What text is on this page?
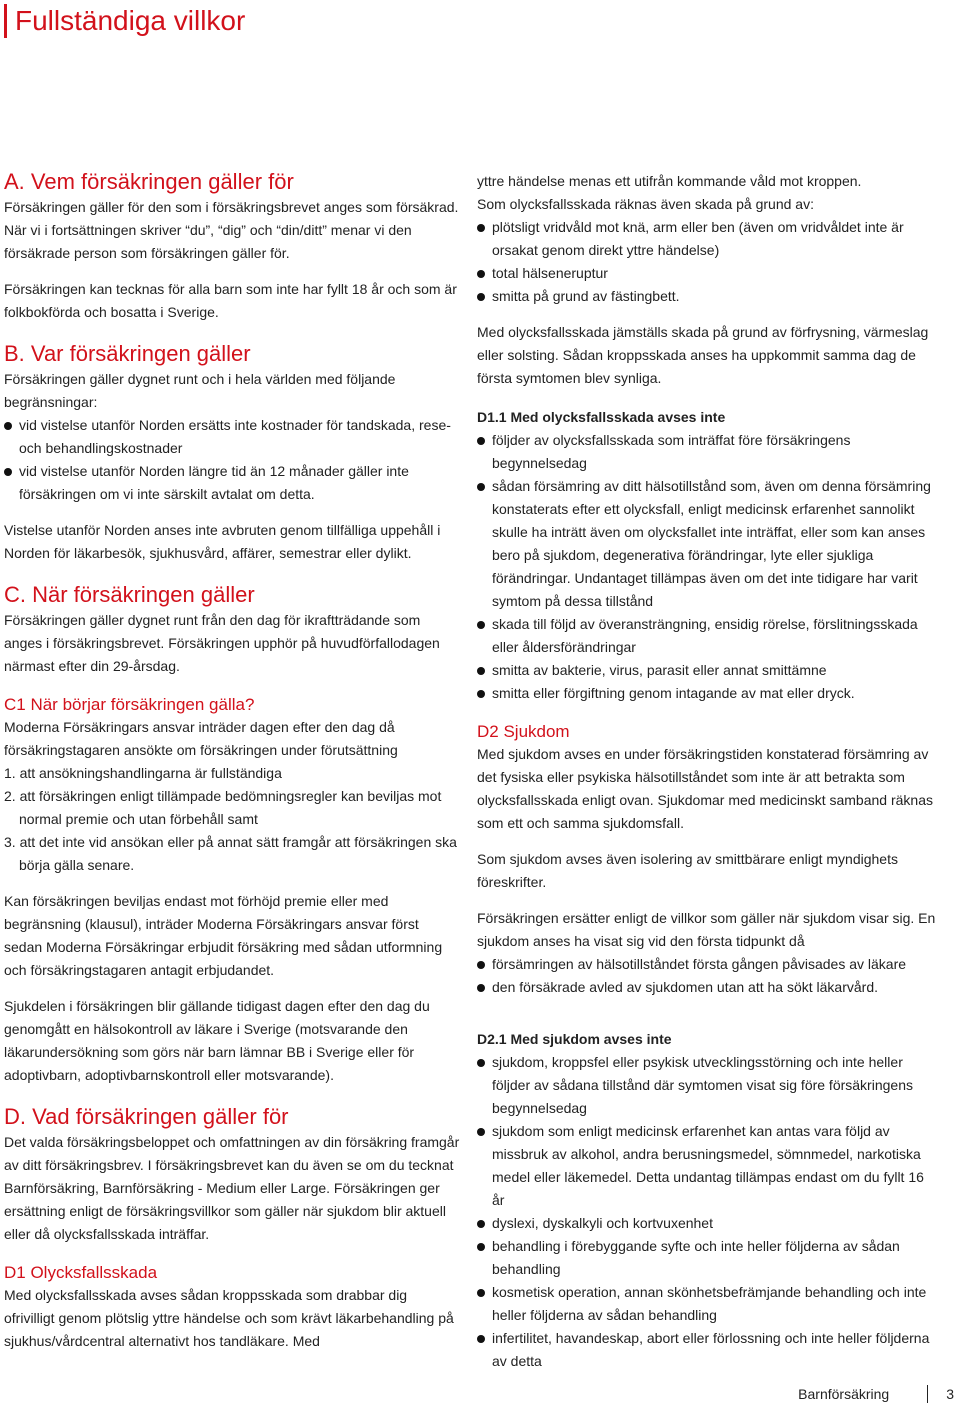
Fullständiga villkor
A. Vem försäkringen gäller för

Försäkringen gäller för den som i försäkringsbrevet anges som försäkrad. När vi i fortsättningen skriver “du”, “dig” och “din/ditt” menar vi den försäkrade person som försäkringen gäller för.

Försäkringen kan tecknas för alla barn som inte har fyllt 18 år och som är folkbokförda och bosatta i Sverige.

B. Var försäkringen gäller

Försäkringen gäller dygnet runt och i hela världen med följande begränsningar:

vid vistelse utanför Norden ersätts inte kostnader för tandskada, rese- och behandlingskostnader
vid vistelse utanför Norden längre tid än 12 månader gäller inte försäkringen om vi inte särskilt avtalat om detta.

Vistelse utanför Norden anses inte avbruten genom tillfälliga uppehåll i Norden för läkarbesök, sjukhusvård, affärer, semestrar eller dylikt.

C. När försäkringen gäller

Försäkringen gäller dygnet runt från den dag för ikraftträdande som anges i försäkringsbrevet. Försäkringen upphör på huvudförfallodagen närmast efter din 29-årsdag.

C1 När börjar försäkringen gälla?

Moderna Försäkringars ansvar inträder dagen efter den dag då försäkringstagaren ansökte om försäkringen under förutsättning

1. att ansökningshandlingarna är fullständiga
2. att försäkringen enligt tillämpade bedömningsregler kan beviljas mot normal premie och utan förbehåll samt
3. att det inte vid ansökan eller på annat sätt framgår att försäkringen ska börja gälla senare.

Kan försäkringen beviljas endast mot förhöjd premie eller med begränsning (klausul), inträder Moderna Försäkringars ansvar först sedan Moderna Försäkringar erbjudit försäkring med sådan utformning och försäkringstagaren antagit erbjudandet.

Sjukdelen i försäkringen blir gällande tidigast dagen efter den dag du genomgått en hälsokontroll av läkare i Sverige (motsvarande den läkarundersökning som görs när barn lämnar BB i Sverige eller för adoptivbarn, adoptivbarnskontroll eller motsvarande).

D. Vad försäkringen gäller för

Det valda försäkringsbeloppet och omfattningen av din försäkring framgår av ditt försäkringsbrev. I försäkringsbrevet kan du även se om du tecknat Barnförsäkring, Barnförsäkring - Medium eller Large. Försäkringen ger ersättning enligt de försäkringsvillkor som gäller när sjukdom blir aktuell eller då olycksfallsskada inträffar.

D1 Olycksfallsskada

Med olycksfallsskada avses sådan kroppsskada som drabbar dig ofrivilligt genom plötslig yttre händelse och som krävt läkarbehandling på sjukhus/vårdcentral alternativt hos tandläkare. Med

yttre händelse menas ett utifrån kommande våld mot kroppen.

Som olycksfallsskada räknas även skada på grund av:

plötsligt vridvåld mot knä, arm eller ben (även om vridvåldet inte är orsakat genom direkt yttre händelse)
total hälseneruptur
smitta på grund av fästingbett.

Med olycksfallsskada jämställs skada på grund av förfrysning, värmeslag eller solsting. Sådan kroppsskada anses ha uppkommit samma dag de första symtomen blev synliga.

D1.1 Med olycksfallsskada avses inte
följder av olycksfallsskada som inträffat före försäkringens begynnelsedag
sådan försämring av ditt hälsotillstånd som, även om denna försämring konstaterats efter ett olycksfall, enligt medicinsk erfarenhet sannolikt skulle ha inträtt även om olycksfallet inte inträffat, eller som kan anses bero på sjukdom, degenerativa förändringar, lyte eller sjukliga förändringar. Undantaget tillämpas även om det inte tidigare har varit symtom på dessa tillstånd
skada till följd av överansträngning, ensidig rörelse, förslitningsskada eller åldersförändringar
smitta av bakterie, virus, parasit eller annat smittämne
smitta eller förgiftning genom intagande av mat eller dryck.
D2 Sjukdom

Med sjukdom avses en under försäkringstiden konstaterad försämring av det fysiska eller psykiska hälsotillståndet som inte är att betrakta som olycksfallsskada enligt ovan. Sjukdomar med medicinskt samband räknas som ett och samma sjukdomsfall.

Som sjukdom avses även isolering av smittbärare enligt myndighets föreskrifter.

Försäkringen ersätter enligt de villkor som gäller när sjukdom visar sig. En sjukdom anses ha visat sig vid den första tidpunkt då

försämringen av hälsotillståndet första gången påvisades av läkare
den försäkrade avled av sjukdomen utan att ha sökt läkarvård.
D2.1 Med sjukdom avses inte
sjukdom, kroppsfel eller psykisk utvecklingsstörning och inte heller följder av sådana tillstånd där symtomen visat sig före försäkringens begynnelsedag
sjukdom som enligt medicinsk erfarenhet kan antas vara följd av missbruk av alkohol, andra berusningsmedel, sömnmedel, narkotiska medel eller läkemedel. Detta undantag tillämpas endast om du fyllt 16 år
dyslexi, dyskalkyli och kortvuxenhet
behandling i förebyggande syfte och inte heller följderna av sådan behandling
kosmetisk operation, annan skönhetsbefrämjande behandling och inte heller följderna av sådan behandling
infertilitet, havandeskap, abort eller förlossning och inte heller följderna av detta
Barnförsäkring	3
